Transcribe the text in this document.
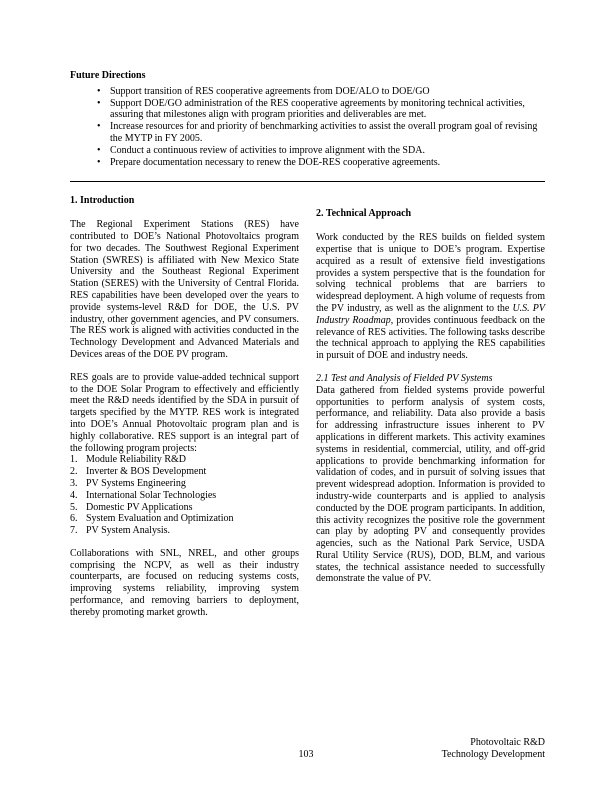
Future Directions
• Support transition of RES cooperative agreements from DOE/ALO to DOE/GO
• Support DOE/GO administration of the RES cooperative agreements by monitoring technical activities, assuring that milestones align with program priorities and deliverables are met.
• Increase resources for and priority of benchmarking activities to assist the overall program goal of revising the MYTP in FY 2005.
• Conduct a continuous review of activities to improve alignment with the SDA.
• Prepare documentation necessary to renew the DOE-RES cooperative agreements.
1. Introduction

The Regional Experiment Stations (RES) have contributed to DOE’s National Photovoltaics program for two decades. The Southwest Regional Experiment Station (SWRES) is affiliated with New Mexico State University and the Southeast Regional Experiment Station (SERES) with the University of Central Florida. RES capabilities have been developed over the years to provide systems-level R&D for DOE, the U.S. PV industry, other government agencies, and PV consumers. The RES work is aligned with activities conducted in the Technology Development and Advanced Materials and Devices areas of the DOE PV program.

RES goals are to provide value-added technical support to the DOE Solar Program to effectively and efficiently meet the R&D needs identified by the SDA in pursuit of targets specified by the MYTP. RES work is integrated into DOE’s Annual Photovoltaic program plan and is highly collaborative. RES support is an integral part of the following program projects:

1. Module Reliability R&D
2. Inverter & BOS Development
3. PV Systems Engineering
4. International Solar Technologies
5. Domestic PV Applications
6. System Evaluation and Optimization
7. PV System Analysis.

Collaborations with SNL, NREL, and other groups comprising the NCPV, as well as their industry counterparts, are focused on reducing systems costs, improving systems reliability, improving system performance, and removing barriers to deployment, thereby promoting market growth.

2. Technical Approach

Work conducted by the RES builds on fielded system expertise that is unique to DOE’s program. Expertise acquired as a result of extensive field investigations provides a system perspective that is the foundation for solving technical problems that are barriers to widespread deployment. A high volume of requests from the PV industry, as well as the alignment to the U.S. PV Industry Roadmap, provides continuous feedback on the relevance of RES activities. The following tasks describe the technical approach to applying the RES capabilities in pursuit of DOE and industry needs.

2.1 Test and Analysis of Fielded PV Systems

Data gathered from fielded systems provide powerful opportunities to perform analysis of system costs, performance, and reliability. Data also provide a basis for addressing infrastructure issues inherent to PV applications in different markets. This activity examines systems in residential, commercial, utility, and off-grid applications to provide benchmarking information for validation of codes, and in pursuit of solving issues that prevent widespread adoption. Information is provided to industry-wide counterparts and is applied to analysis conducted by the DOE program participants. In addition, this activity recognizes the positive role the government can play by adopting PV and consequently provides agencies, such as the National Park Service, USDA Rural Utility Service (RUS), DOD, BLM, and various states, the technical assistance needed to successfully demonstrate the value of PV.

103
Photovoltaic R&D
Technology Development
